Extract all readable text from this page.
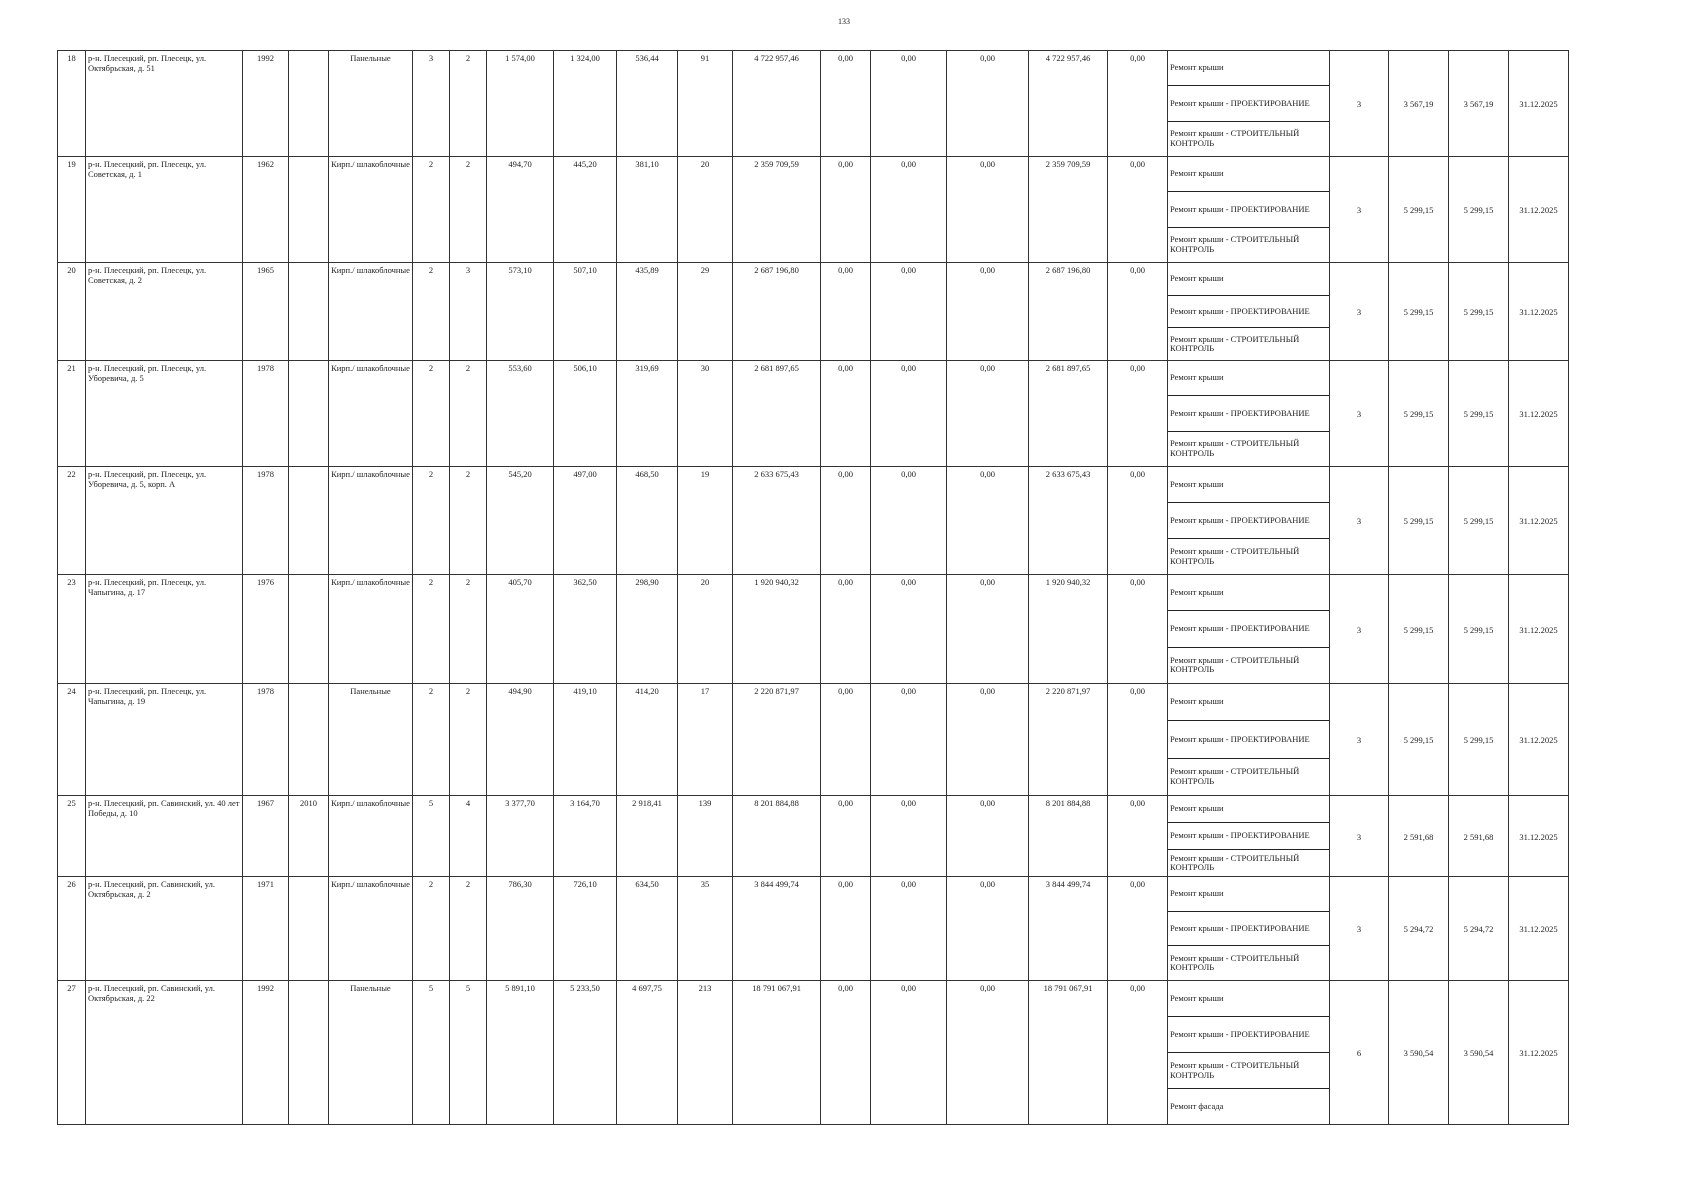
133
18	р-н. Плесецкий, рп. Плесецк, ул. Октябрьская, д. 51	1992		Панельные	3	2	1 574,00	1 324,00	536,44	91	4 722 957,46	0,00	0,00	0,00	4 722 957,46	0,00	Ремонт крыши
Ремонт крыши - ПРОЕКТИРОВАНИЕ
Ремонт крыши - СТРОИТЕЛЬНЫЙ КОНТРОЛЬ	3	3 567,19	3 567,19	31.12.2025
19	р-н. Плесецкий, рп. Плесецк, ул. Советская, д. 1	1962		Кирп./ шлакоблочные	2	2	494,70	445,20	381,10	20	2 359 709,59	0,00	0,00	0,00	2 359 709,59	0,00	Ремонт крыши
Ремонт крыши - ПРОЕКТИРОВАНИЕ
Ремонт крыши - СТРОИТЕЛЬНЫЙ КОНТРОЛЬ	3	5 299,15	5 299,15	31.12.2025
20	р-н. Плесецкий, рп. Плесецк, ул. Советская, д. 2	1965		Кирп./ шлакоблочные	2	3	573,10	507,10	435,89	29	2 687 196,80	0,00	0,00	0,00	2 687 196,80	0,00	Ремонт крыши
Ремонт крыши - ПРОЕКТИРОВАНИЕ
Ремонт крыши - СТРОИТЕЛЬНЫЙ КОНТРОЛЬ	3	5 299,15	5 299,15	31.12.2025
21	р-н. Плесецкий, рп. Плесецк, ул. Уборевича, д. 5	1978		Кирп./ шлакоблочные	2	2	553,60	506,10	319,69	30	2 681 897,65	0,00	0,00	0,00	2 681 897,65	0,00	Ремонт крыши
Ремонт крыши - ПРОЕКТИРОВАНИЕ
Ремонт крыши - СТРОИТЕЛЬНЫЙ КОНТРОЛЬ	3	5 299,15	5 299,15	31.12.2025
22	р-н. Плесецкий, рп. Плесецк, ул. Уборевича, д. 5, корп. А	1978		Кирп./ шлакоблочные	2	2	545,20	497,00	468,50	19	2 633 675,43	0,00	0,00	0,00	2 633 675,43	0,00	Ремонт крыши
Ремонт крыши - ПРОЕКТИРОВАНИЕ
Ремонт крыши - СТРОИТЕЛЬНЫЙ КОНТРОЛЬ	3	5 299,15	5 299,15	31.12.2025
23	р-н. Плесецкий, рп. Плесецк, ул. Чапыгина, д. 17	1976		Кирп./ шлакоблочные	2	2	405,70	362,50	298,90	20	1 920 940,32	0,00	0,00	0,00	1 920 940,32	0,00	Ремонт крыши
Ремонт крыши - ПРОЕКТИРОВАНИЕ
Ремонт крыши - СТРОИТЕЛЬНЫЙ КОНТРОЛЬ	3	5 299,15	5 299,15	31.12.2025
24	р-н. Плесецкий, рп. Плесецк, ул. Чапыгина, д. 19	1978		Панельные	2	2	494,90	419,10	414,20	17	2 220 871,97	0,00	0,00	0,00	2 220 871,97	0,00	Ремонт крыши
Ремонт крыши - ПРОЕКТИРОВАНИЕ
Ремонт крыши - СТРОИТЕЛЬНЫЙ КОНТРОЛЬ	3	5 299,15	5 299,15	31.12.2025
25	р-н. Плесецкий, рп. Савинский, ул. 40 лет Победы, д. 10	1967	2010	Кирп./ шлакоблочные	5	4	3 377,70	3 164,70	2 918,41	139	8 201 884,88	0,00	0,00	0,00	8 201 884,88	0,00	Ремонт крыши
Ремонт крыши - ПРОЕКТИРОВАНИЕ
Ремонт крыши - СТРОИТЕЛЬНЫЙ КОНТРОЛЬ	3	2 591,68	2 591,68	31.12.2025
26	р-н. Плесецкий, рп. Савинский, ул. Октябрьская, д. 2	1971		Кирп./ шлакоблочные	2	2	786,30	726,10	634,50	35	3 844 499,74	0,00	0,00	0,00	3 844 499,74	0,00	Ремонт крыши
Ремонт крыши - ПРОЕКТИРОВАНИЕ
Ремонт крыши - СТРОИТЕЛЬНЫЙ КОНТРОЛЬ	3	5 294,72	5 294,72	31.12.2025
27	р-н. Плесецкий, рп. Савинский, ул. Октябрьская, д. 22	1992		Панельные	5	5	5 891,10	5 233,50	4 697,75	213	18 791 067,91	0,00	0,00	0,00	18 791 067,91	0,00	Ремонт крыши
Ремонт крыши - ПРОЕКТИРОВАНИЕ
Ремонт крыши - СТРОИТЕЛЬНЫЙ КОНТРОЛЬ
Ремонт фасада	6	3 590,54	3 590,54	31.12.2025
